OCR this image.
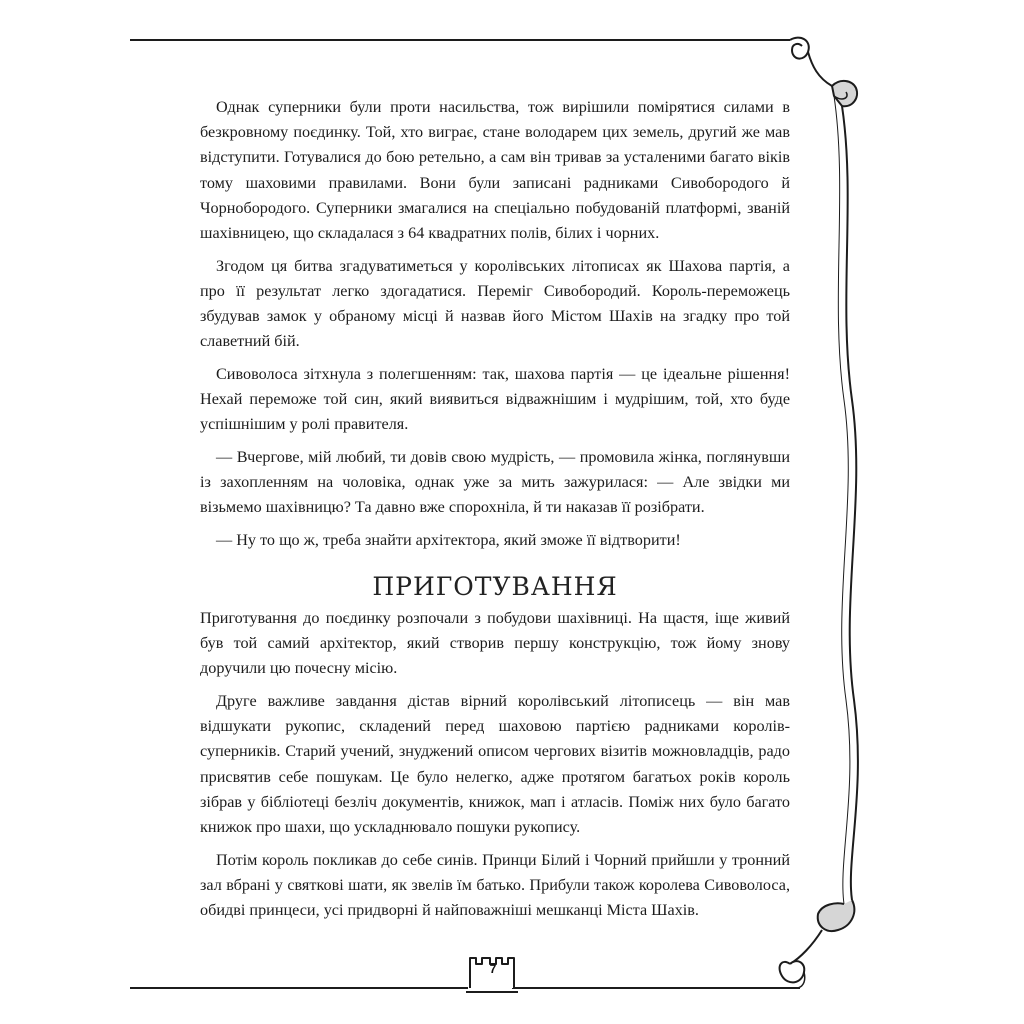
7

Однак суперники були проти насильства, тож вирішили помірятися силами в безкровному поєдинку. Той, хто виграє, стане володарем цих земель, другий же мав відступити. Готувалися до бою ретельно, а сам він тривав за усталеними багато віків тому шаховими правилами. Вони були записані радниками Сивобородого й Чорнобородого. Суперники змагалися на спеціально побудованій платформі, званій шахівницею, що складалася з 64 квадратних полів, білих і чорних.

Згодом ця битва згадуватиметься у королівських літописах як Шахова партія, а про її результат легко здогадатися. Переміг Сивобородий. Король-переможець збудував замок у обраному місці й назвав його Містом Шахів на згадку про той славетний бій.

Сивоволоса зітхнула з полегшенням: так, шахова партія — це ідеальне рішення! Нехай переможе той син, який виявиться відважнішим і мудрішим, той, хто буде успішнішим у ролі правителя.

— Вчергове, мій любий, ти довів свою мудрість, — промовила жінка, поглянувши із захопленням на чоловіка, однак уже за мить зажурилася: — Але звідки ми візьмемо шахівницю? Та давно вже спорохніла, й ти наказав її розібрати.

— Ну то що ж, треба знайти архітектора, який зможе її відтворити!

ПРИГОТУВАННЯ

Приготування до поєдинку розпочали з побудови шахівниці. На щастя, іще живий був той самий архітектор, який створив першу конструкцію, тож йому знову доручили цю почесну місію.

Друге важливе завдання дістав вірний королівський літописець — він мав відшукати рукопис, складений перед шаховою партією радниками королів-суперників. Старий учений, знуджений описом чергових візитів можновладців, радо присвятив себе пошукам. Це було нелегко, адже протягом багатьох років король зібрав у бібліотеці безліч документів, книжок, мап і атласів. Поміж них було багато книжок про шахи, що ускладнювало пошуки рукопису.

Потім король покликав до себе синів. Принци Білий і Чорний прийшли у тронний зал вбрані у святкові шати, як звелів їм батько. Прибули також королева Сивоволоса, обидві принцеси, усі придворні й найповажніші мешканці Міста Шахів.
